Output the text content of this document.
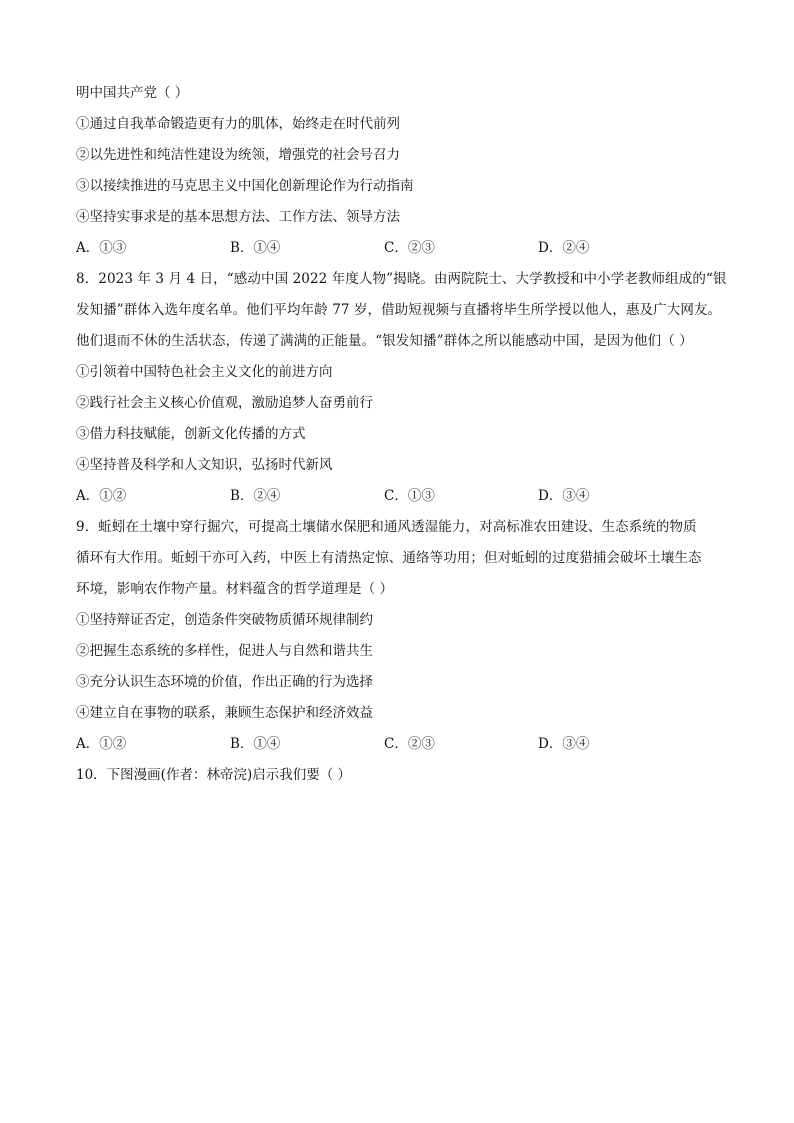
明中国共产党（ ）
①通过自我革命锻造更有力的肌体，始终走在时代前列
②以先进性和纯洁性建设为统领，增强党的社会号召力
③以接续推进的马克思主义中国化创新理论作为行动指南
④坚持实事求是的基本思想方法、工作方法、领导方法
A．①③	B．①④	C．②③	D．②④
8．2023 年 3 月 4 日，“感动中国 2022 年度人物”揭晓。由两院院士、大学教授和中小学老教师组成的“银
发知播”群体入选年度名单。他们平均年龄 77 岁，借助短视频与直播将毕生所学授以他人，惠及广大网友。
他们退而不休的生活状态，传递了满满的正能量。“银发知播”群体之所以能感动中国，是因为他们（ ）
①引领着中国特色社会主义文化的前进方向
②践行社会主义核心价值观，激励追梦人奋勇前行
③借力科技赋能，创新文化传播的方式
④坚持普及科学和人文知识，弘扬时代新风
A．①②	B．②④	C．①③	D．③④
9．蚯蚓在土壤中穿行掘穴，可提高土壤储水保肥和通风透湿能力，对高标准农田建设、生态系统的物质
循环有大作用。蚯蚓干亦可入药，中医上有清热定惊、通络等功用；但对蚯蚓的过度猎捕会破坏土壤生态
环境，影响农作物产量。材料蕴含的哲学道理是（ ）
①坚持辩证否定，创造条件突破物质循环规律制约
②把握生态系统的多样性，促进人与自然和谐共生
③充分认识生态环境的价值，作出正确的行为选择
④建立自在事物的联系，兼顾生态保护和经济效益
A．①②	B．①④	C．②③	D．③④
10．下图漫画(作者：林帝浣)启示我们要（ ）
